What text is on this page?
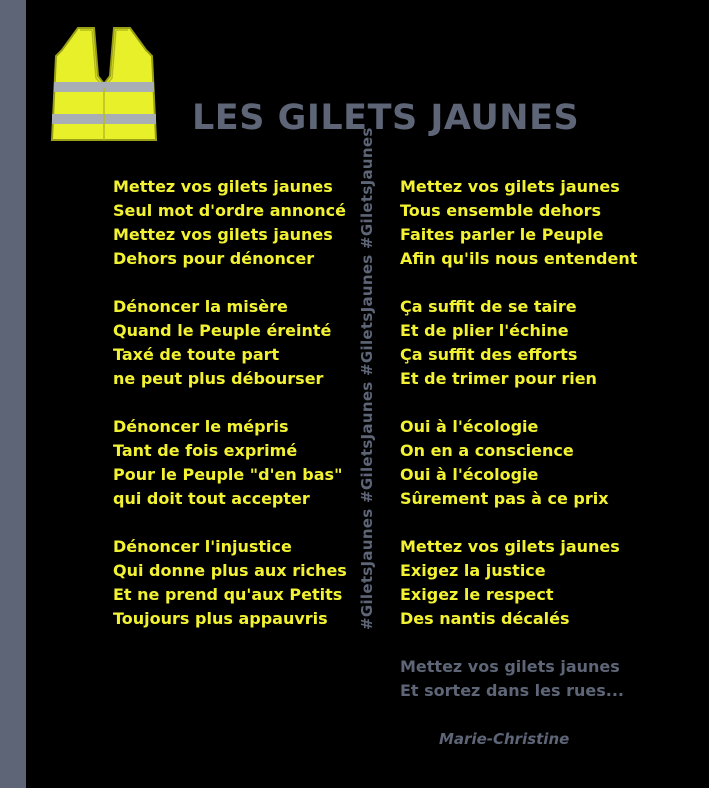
LES GILETS JAUNES
Mettez vos gilets jaunes
Seul mot d'ordre annoncé
Mettez vos gilets jaunes
Dehors pour dénoncer
Dénoncer la misère
Quand le Peuple éreinté
Taxé de toute part
ne peut plus débourser
Dénoncer le mépris
Tant de fois exprimé
Pour le Peuple "d'en bas"
qui doit tout accepter
Dénoncer l'injustice
Qui donne plus aux riches
Et ne prend qu'aux Petits
Toujours plus appauvris	#GiletsJaunes #GiletsJaunes #GiletsJaunes #GiletsJaunes Mettez vos gilets jaunes
Tous ensemble dehors
Faites parler le Peuple
Afin qu'ils nous entendent
Ça suffit de se taire
Et de plier l'échine
Ça suffit des efforts
Et de trimer pour rien
Oui à l'écologie
On en a conscience
Oui à l'écologie
Sûrement pas à ce prix
Mettez vos gilets jaunes
Exigez la justice
Exigez le respect
Des nantis décalés
Mettez vos gilets jaunes
Et sortez dans les rues...
Marie-Christine
